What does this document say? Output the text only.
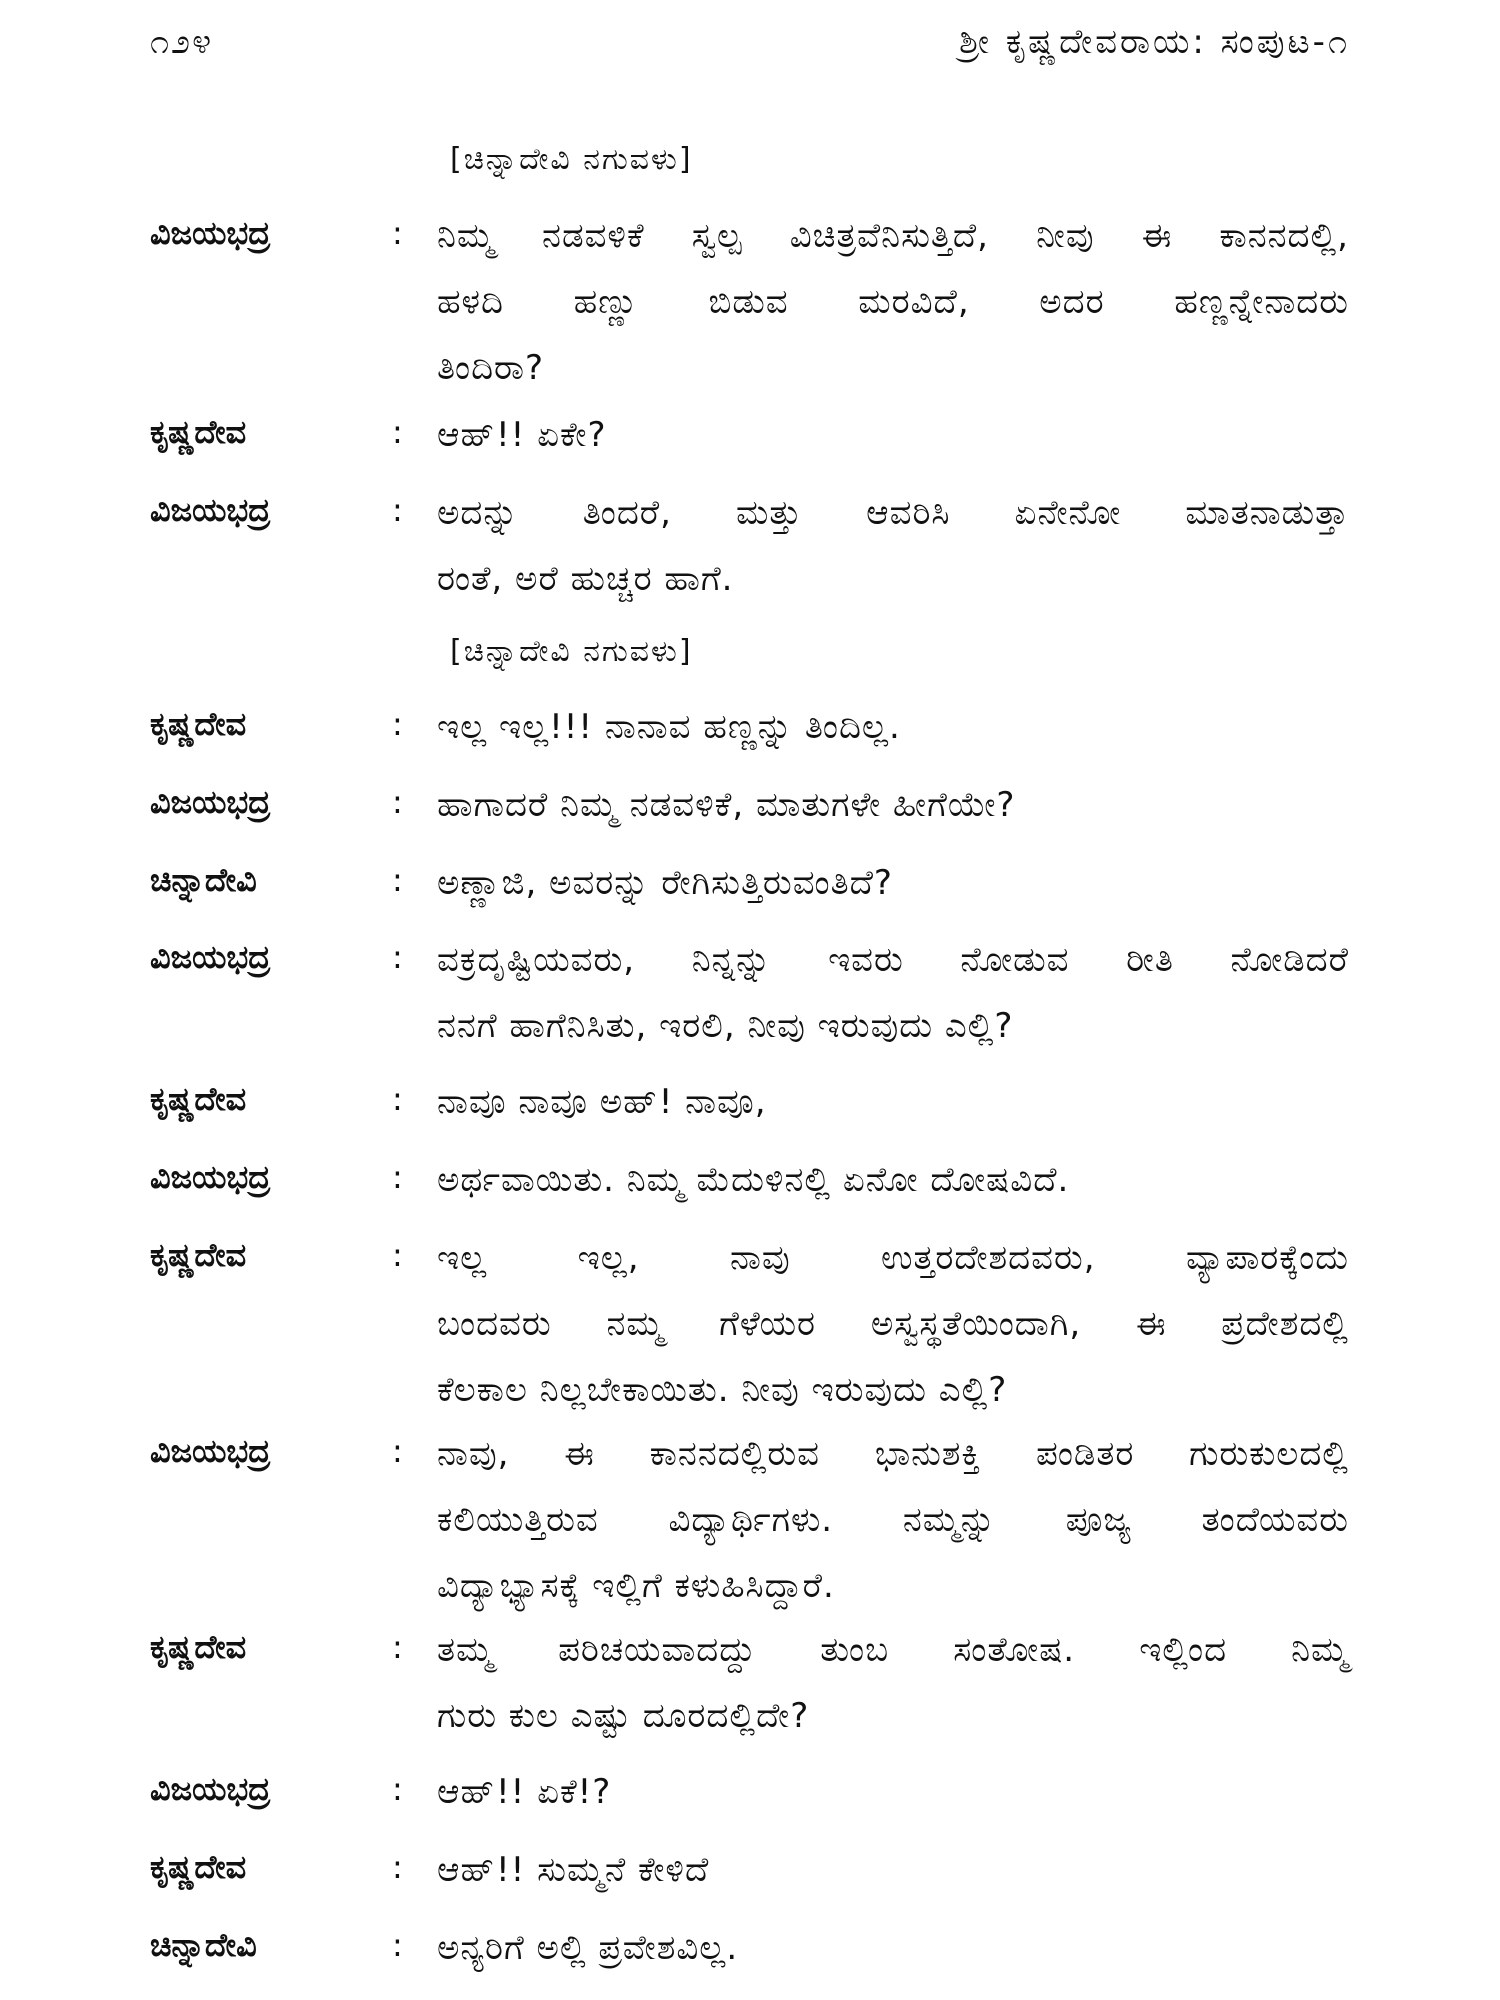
೧೨೪	ಶ್ರೀ ಕೃಷ್ಣದೇವರಾಯ: ಸಂಪುಟ-೧
[ಚಿನ್ನಾದೇವಿ ನಗುವಳು]
ವಿಜಯಭದ್ರ	: ನಿಮ್ಮ ನಡವಳಿಕೆ ಸ್ವಲ್ಪ ವಿಚಿತ್ರವೆನಿಸುತ್ತಿದೆ, ನೀವು ಈ ಕಾನನದಲ್ಲಿ,
ಹಳದಿ ಹಣ್ಣು ಬಿಡುವ ಮರವಿದೆ, ಅದರ ಹಣ್ಣನ್ನೇನಾದರು
ತಿಂದಿರಾ?
ಕೃಷ್ಣದೇವ	: ಆಹ್!! ಏಕೇ?
ವಿಜಯಭದ್ರ	: ಅದನ್ನು ತಿಂದರೆ, ಮತ್ತು ಆವರಿಸಿ ಏನೇನೋ ಮಾತನಾಡುತ್ತಾ
ರಂತೆ, ಅರೆ ಹುಚ್ಚರ ಹಾಗೆ.
[ಚಿನ್ನಾದೇವಿ ನಗುವಳು]
ಕೃಷ್ಣದೇವ	: ಇಲ್ಲ ಇಲ್ಲ!!! ನಾನಾವ ಹಣ್ಣನ್ನು ತಿಂದಿಲ್ಲ.
ವಿಜಯಭದ್ರ	: ಹಾಗಾದರೆ ನಿಮ್ಮ ನಡವಳಿಕೆ, ಮಾತುಗಳೇ ಹೀಗೆಯೇ?
ಚಿನ್ನಾದೇವಿ	: ಅಣ್ಣಾಜಿ, ಅವರನ್ನು ರೇಗಿಸುತ್ತಿರುವಂತಿದೆ?
ವಿಜಯಭದ್ರ	: ವಕ್ರದೃಷ್ಟಿಯವರು, ನಿನ್ನನ್ನು ಇವರು ನೋಡುವ ರೀತಿ ನೋಡಿದರೆ
ನನಗೆ ಹಾಗೆನಿಸಿತು, ಇರಲಿ, ನೀವು ಇರುವುದು ಎಲ್ಲಿ?
ಕೃಷ್ಣದೇವ	: ನಾವೂ ನಾವೂ ಅಹ್! ನಾವೂ,
ವಿಜಯಭದ್ರ	: ಅರ್ಥವಾಯಿತು. ನಿಮ್ಮ ಮೆದುಳಿನಲ್ಲಿ ಏನೋ ದೋಷವಿದೆ.
ಕೃಷ್ಣದೇವ	: ಇಲ್ಲ ಇಲ್ಲ, ನಾವು ಉತ್ತರದೇಶದವರು, ವ್ಯಾಪಾರಕ್ಕೆಂದು
ಬಂದವರು ನಮ್ಮ ಗೆಳೆಯರ ಅಸ್ವಸ್ಥತೆಯಿಂದಾಗಿ, ಈ ಪ್ರದೇಶದಲ್ಲಿ
ಕೆಲಕಾಲ ನಿಲ್ಲಬೇಕಾಯಿತು. ನೀವು ಇರುವುದು ಎಲ್ಲಿ?
ವಿಜಯಭದ್ರ	: ನಾವು, ಈ ಕಾನನದಲ್ಲಿರುವ ಭಾನುಶಕ್ತಿ ಪಂಡಿತರ ಗುರುಕುಲದಲ್ಲಿ
ಕಲಿಯುತ್ತಿರುವ ವಿದ್ಯಾರ್ಥಿಗಳು. ನಮ್ಮನ್ನು ಪೂಜ್ಯ ತಂದೆಯವರು
ವಿದ್ಯಾಭ್ಯಾಸಕ್ಕೆ ಇಲ್ಲಿಗೆ ಕಳುಹಿಸಿದ್ದಾರೆ.
ಕೃಷ್ಣದೇವ	: ತಮ್ಮ ಪರಿಚಯವಾದದ್ದು ತುಂಬ ಸಂತೋಷ. ಇಲ್ಲಿಂದ ನಿಮ್ಮ
ಗುರು ಕುಲ ಎಷ್ಟು ದೂರದಲ್ಲಿದೇ?
ವಿಜಯಭದ್ರ	: ಆಹ್!! ಏಕೆ!?
ಕೃಷ್ಣದೇವ	: ಆಹ್!! ಸುಮ್ಮನೆ ಕೇಳಿದೆ
ಚಿನ್ನಾದೇವಿ	: ಅನ್ಯರಿಗೆ ಅಲ್ಲಿ ಪ್ರವೇಶವಿಲ್ಲ.
